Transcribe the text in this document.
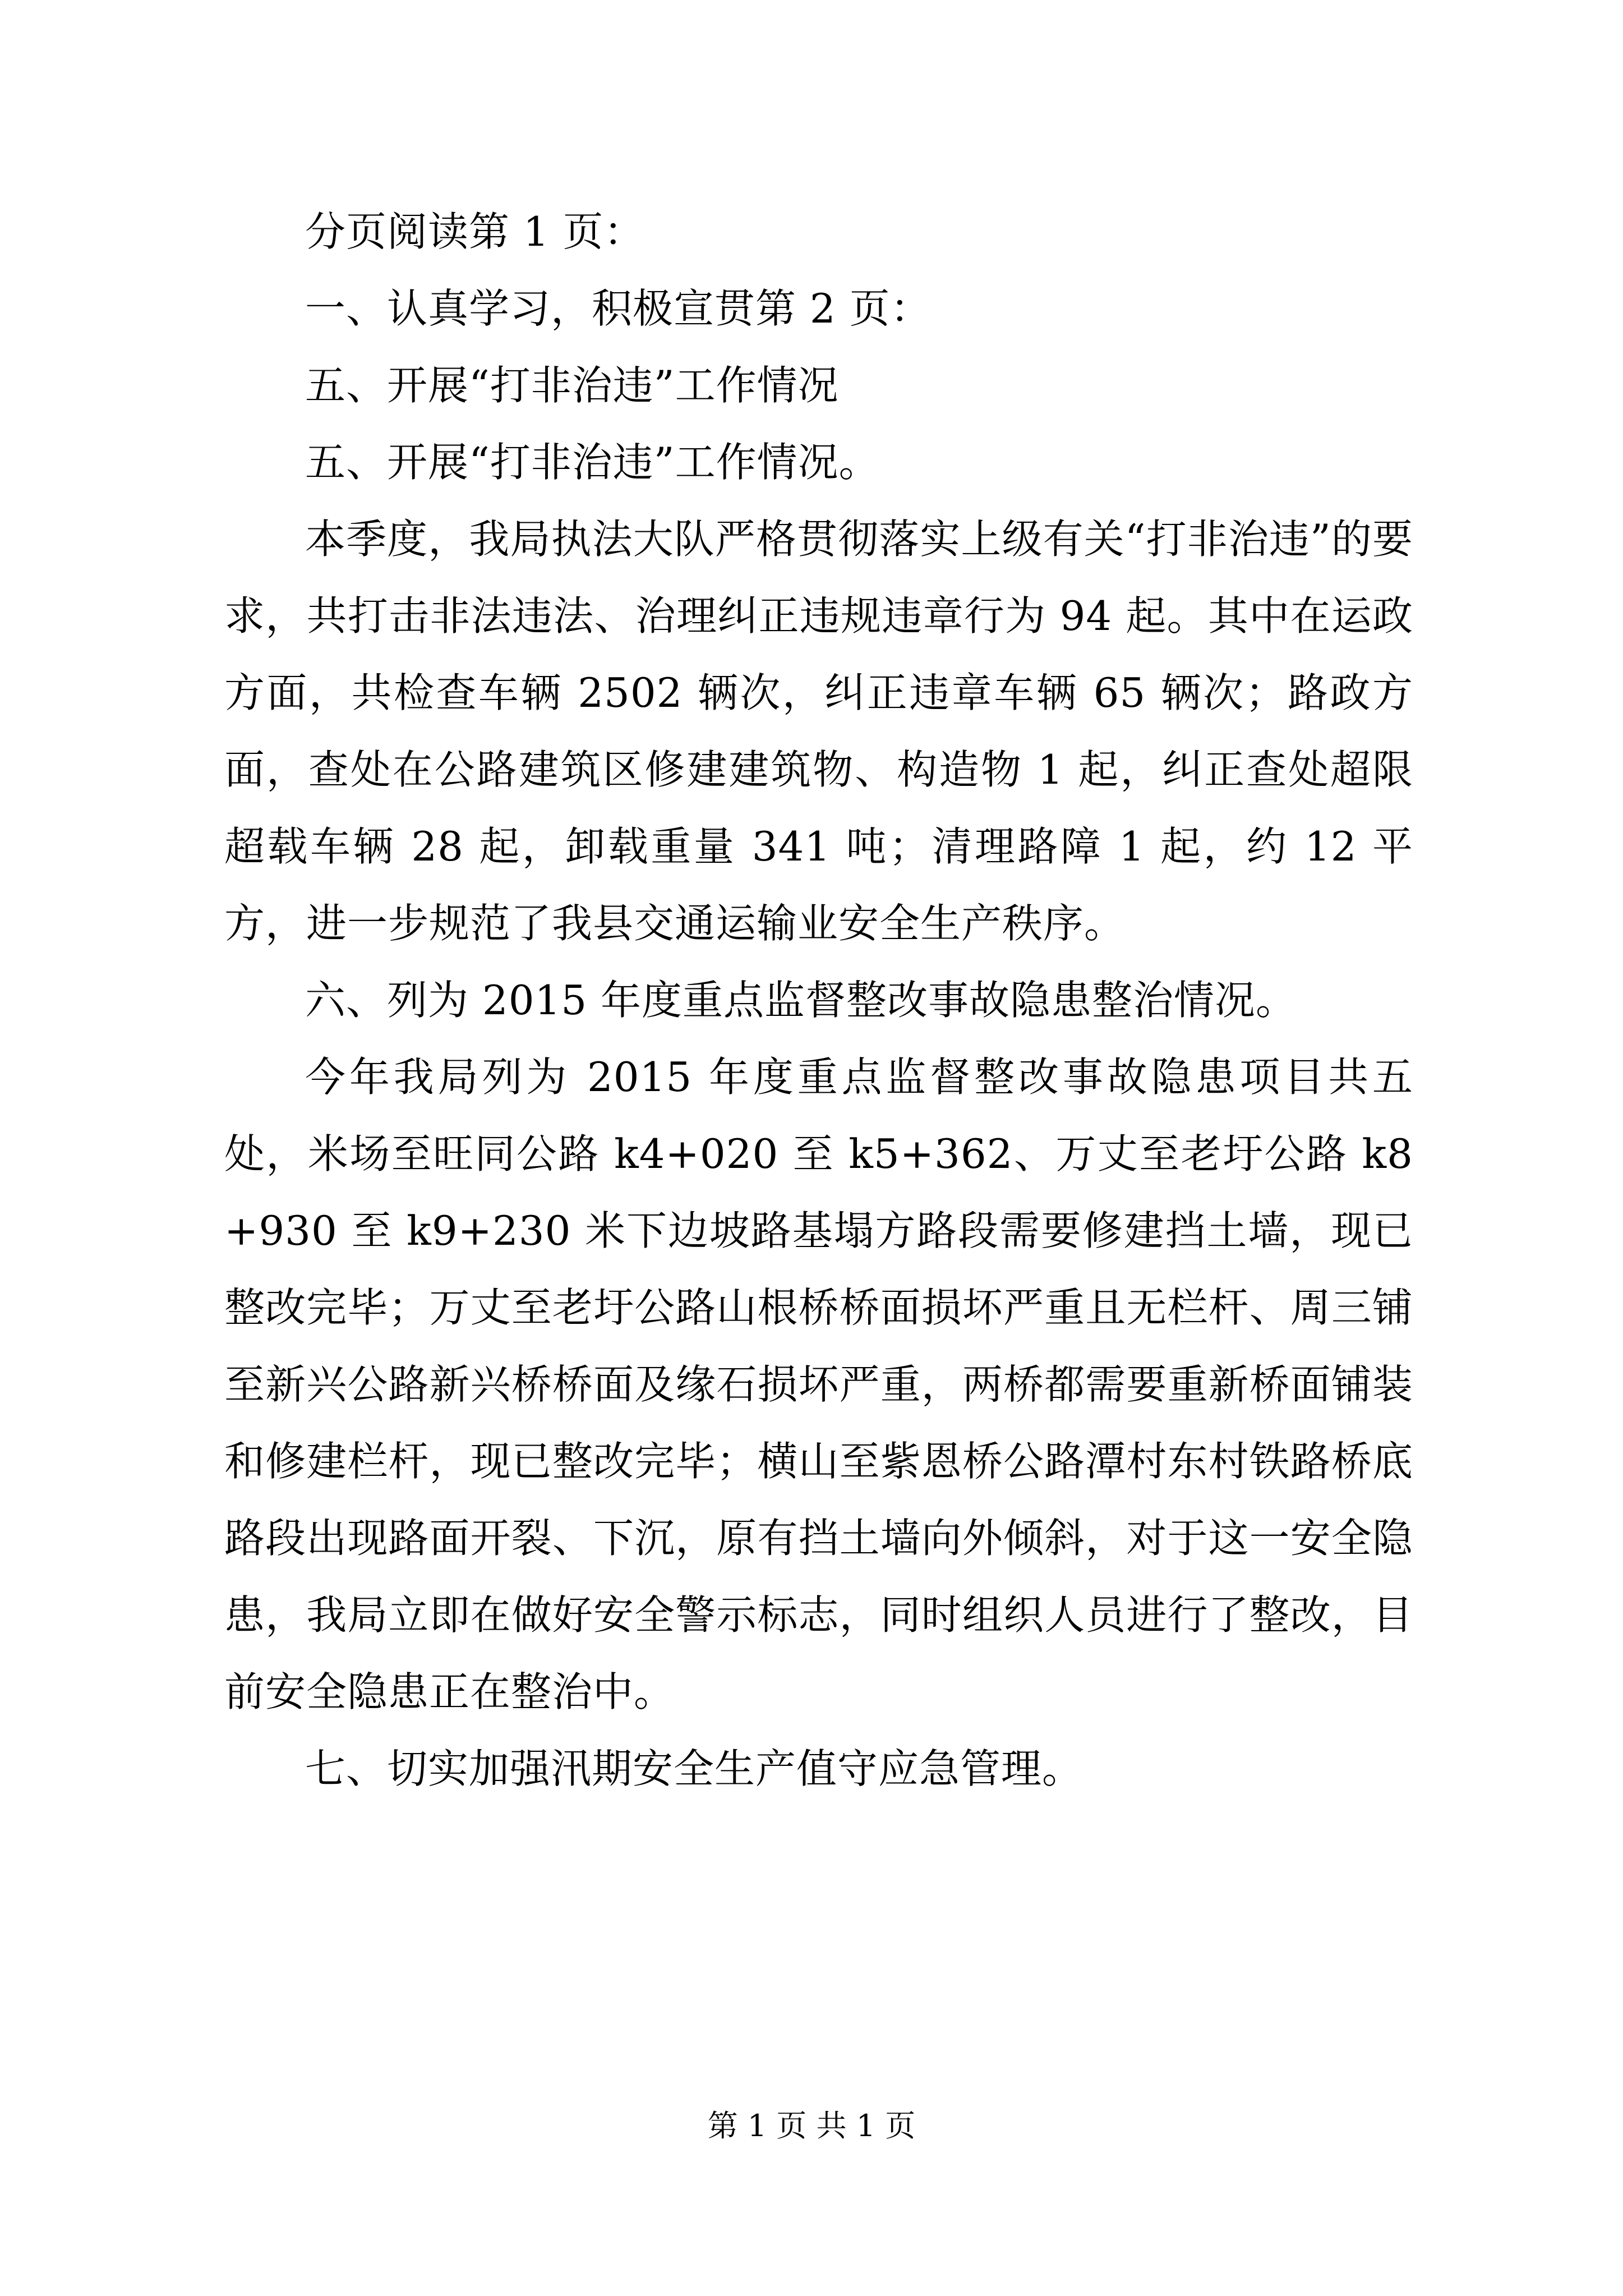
分页阅读第 1 页：

一、认真学习，积极宣贯第 2 页：

五、开展“打非治违”工作情况

五、开展“打非治违”工作情况。

本季度，我局执法大队严格贯彻落实上级有关“打非治违”的要求，共打击非法违法、治理纠正违规违章行为 94 起。其中在运政方面，共检查车辆 2502 辆次，纠正违章车辆 65 辆次；路政方面，查处在公路建筑区修建建筑物、构造物 1 起，纠正查处超限超载车辆 28 起，卸载重量 341 吨；清理路障 1 起，约 12 平方，进一步规范了我县交通运输业安全生产秩序。

六、列为 2015 年度重点监督整改事故隐患整治情况。

今年我局列为 2015 年度重点监督整改事故隐患项目共五处，米场至旺同公路 k4+020 至 k5+362、万丈至老圩公路 k8+930 至 k9+230 米下边坡路基塌方路段需要修建挡土墙，现已整改完毕；万丈至老圩公路山根桥桥面损坏严重且无栏杆、周三铺至新兴公路新兴桥桥面及缘石损坏严重，两桥都需要重新桥面铺装和修建栏杆，现已整改完毕；横山至紫恩桥公路潭村东村铁路桥底路段出现路面开裂、下沉，原有挡土墙向外倾斜，对于这一安全隐患，我局立即在做好安全警示标志，同时组织人员进行了整改，目前安全隐患正在整治中。

七、切实加强汛期安全生产值守应急管理。

第 1 页 共 1 页
